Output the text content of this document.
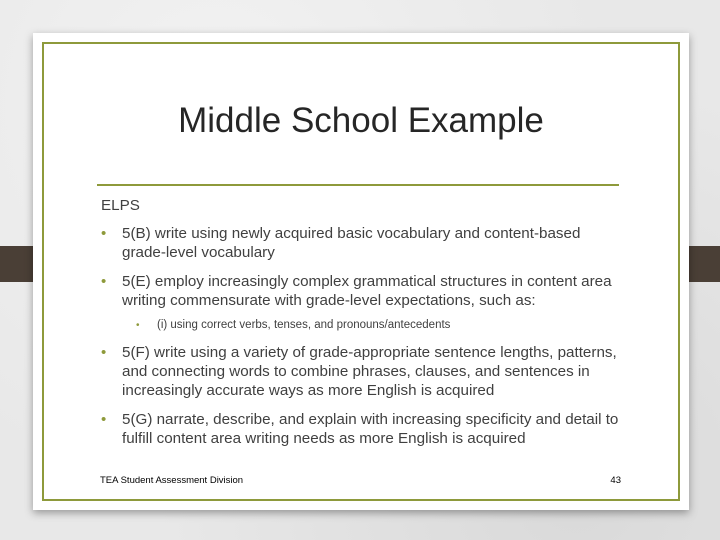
Middle School Example
ELPS
• 5(B) write using newly acquired basic vocabulary and content-based grade-level vocabulary
• 5(E) employ increasingly complex grammatical structures in content area writing commensurate with grade-level expectations, such as:
• (i) using correct verbs, tenses, and pronouns/antecedents
• 5(F) write using a variety of grade-appropriate sentence lengths, patterns, and connecting words to combine phrases, clauses, and sentences in increasingly accurate ways as more English is acquired
• 5(G) narrate, describe, and explain with increasing specificity and detail to fulfill content area writing needs as more English is acquired
TEA Student Assessment Division	43
